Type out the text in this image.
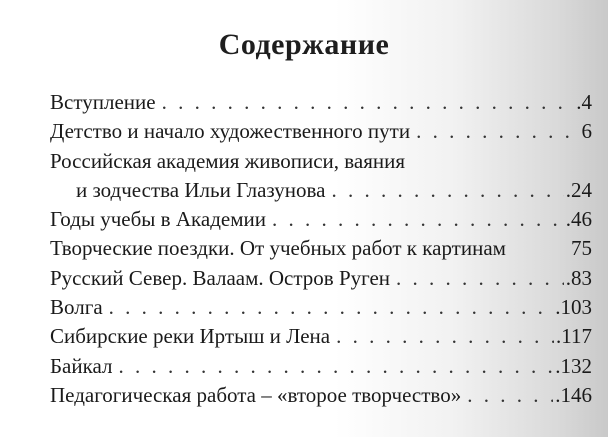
Содержание
Вступление . . .	.4
Детство и начало художественного пути . . .	6
Российская академия живописи, ваяния
и зодчества Ильи Глазунова . . .	.24
Годы учебы в Академии . . .	.46
Творческие поездки. От учебных работ к картинам	75
Русский Север. Валаам. Остров Руген . . .	.83
Волга . . .	.103
Сибирские реки Иртыш и Лена . . .	.117
Байкал . . .	.132
Педагогическая работа – «второе творчество» . . .	.146
